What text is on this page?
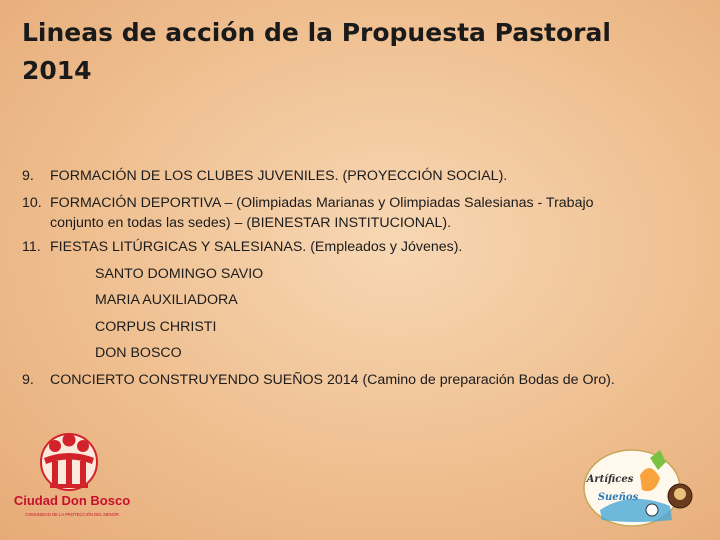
Lineas de acción de la Propuesta Pastoral
2014
9.	FORMACIÓN DE LOS CLUBES JUVENILES. (PROYECCIÓN SOCIAL).
10. FORMACIÓN DEPORTIVA – (Olimpiadas Marianas y Olimpiadas Salesianas - Trabajo
conjunto en todas las sedes) – (BIENESTAR INSTITUCIONAL).
11. FIESTAS LITÚRGICAS Y SALESIANAS. (Empleados y Jóvenes).
SANTO DOMINGO SAVIO
MARIA AUXILIADORA
CORPUS CHRISTI
DON BOSCO
9.	CONCIERTO CONSTRUYENDO SUEÑOS 2014 (Camino de preparación Bodas de Oro).
Ciudad Don Bosco
COMUNIDAD DE LA PROTECCIÓN DEL MENOR
Artífices
Sueños
